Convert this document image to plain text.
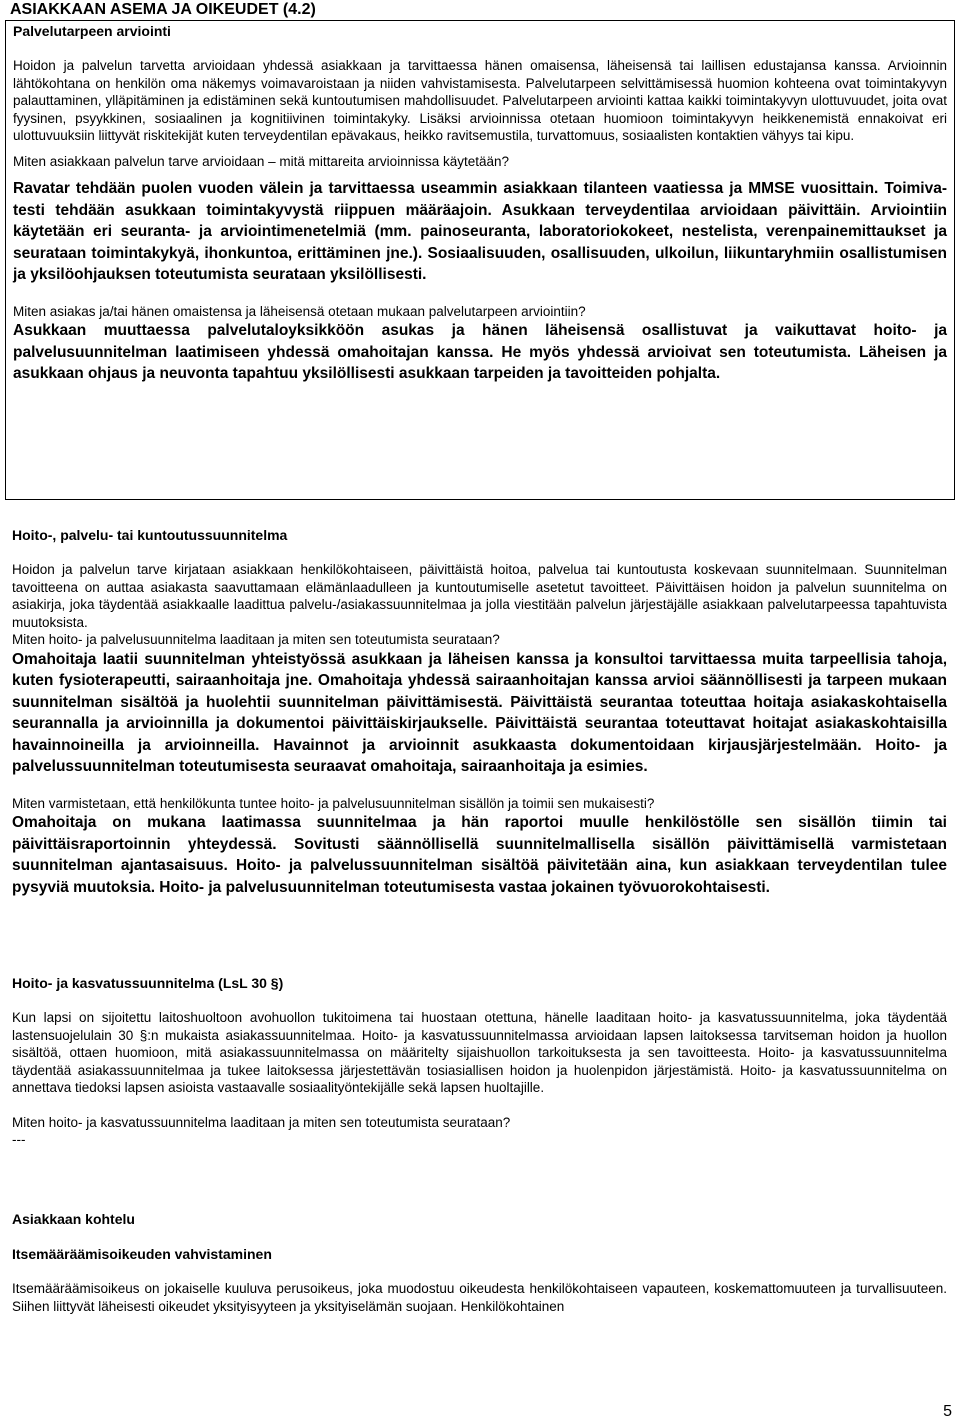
ASIAKKAAN ASEMA JA OIKEUDET (4.2)
Palvelutarpeen arviointi

Hoidon ja palvelun tarvetta arvioidaan yhdessä asiakkaan ja tarvittaessa hänen omaisensa, läheisensä tai laillisen edustajansa kanssa. Arvioinnin lähtökohtana on henkilön oma näkemys voimavaroistaan ja niiden vahvistamisesta. Palvelutarpeen selvittämisessä huomion kohteena ovat toimintakyvyn palauttaminen, ylläpitäminen ja edistäminen sekä kuntoutumisen mahdollisuudet. Palvelutarpeen arviointi kattaa kaikki toimintakyvyn ulottuvuudet, joita ovat fyysinen, psyykkinen, sosiaalinen ja kognitiivinen toimintakyky. Lisäksi arvioinnissa otetaan huomioon toimintakyvyn heikkenemistä ennakoivat eri ulottuvuuksiin liittyvät riskitekijät kuten terveydentilan epävakaus, heikko ravitsemustila, turvattomuus, sosiaalisten kontaktien vähyys tai kipu.

Miten asiakkaan palvelun tarve arvioidaan – mitä mittareita arvioinnissa käytetään?

Ravatar tehdään puolen vuoden välein ja tarvittaessa useammin asiakkaan tilanteen vaatiessa ja MMSE vuosittain. Toimiva-testi tehdään asukkaan toimintakyvystä riippuen määräajoin. Asukkaan terveydentilaa arvioidaan päivittäin. Arviointiin käytetään eri seuranta- ja arviointimenetelmiä (mm. painoseuranta, laboratoriokokeet, nestelista, verenpainemittaukset ja seurataan toimintakykyä, ihonkuntoa, erittäminen jne.). Sosiaalisuuden, osallisuuden, ulkoilun, liikuntaryhmiin osallistumisen ja yksilöohjauksen toteutumista seurataan yksilöllisesti.

Miten asiakas ja/tai hänen omaistensa ja läheisensä otetaan mukaan palvelutarpeen arviointiin?

Asukkaan muuttaessa palvelutaloyksikköön asukas ja hänen läheisensä osallistuvat ja vaikuttavat hoito- ja palvelusuunnitelman laatimiseen yhdessä omahoitajan kanssa. He myös yhdessä arvioivat sen toteutumista. Läheisen ja asukkaan ohjaus ja neuvonta tapahtuu yksilöllisesti asukkaan tarpeiden ja tavoitteiden pohjalta.

Hoito-, palvelu- tai kuntoutussuunnitelma

Hoidon ja palvelun tarve kirjataan asiakkaan henkilökohtaiseen, päivittäistä hoitoa, palvelua tai kuntoutusta koskevaan suunnitelmaan. Suunnitelman tavoitteena on auttaa asiakasta saavuttamaan elämänlaadulleen ja kuntoutumiselle asetetut tavoitteet. Päivittäisen hoidon ja palvelun suunnitelma on asiakirja, joka täydentää asiakkaalle laadittua palvelu-/asiakassuunnitelmaa ja jolla viestitään palvelun järjestäjälle asiakkaan palvelutarpeessa tapahtuvista muutoksista.

Miten hoito- ja palvelusuunnitelma laaditaan ja miten sen toteutumista seurataan?

Omahoitaja laatii suunnitelman yhteistyössä asukkaan ja läheisen kanssa ja konsultoi tarvittaessa muita tarpeellisia tahoja, kuten fysioterapeutti, sairaanhoitaja jne. Omahoitaja yhdessä sairaanhoitajan kanssa arvioi säännöllisesti ja tarpeen mukaan suunnitelman sisältöä ja huolehtii suunnitelman päivittämisestä. Päivittäistä seurantaa toteuttaa hoitaja asiakaskohtaisella seurannalla ja arvioinnilla ja dokumentoi päivittäiskirjaukselle. Päivittäistä seurantaa toteuttavat hoitajat asiakaskohtaisilla havainnoineilla ja arvioinneilla. Havainnot ja arvioinnit asukkaasta dokumentoidaan kirjausjärjestelmään. Hoito- ja palvelussuunnitelman toteutumisesta seuraavat omahoitaja, sairaanhoitaja ja esimies.

Miten varmistetaan, että henkilökunta tuntee hoito- ja palvelusuunnitelman sisällön ja toimii sen mukaisesti?

Omahoitaja on mukana laatimassa suunnitelmaa ja hän raportoi muulle henkilöstölle sen sisällön tiimin tai päivittäisraportoinnin yhteydessä. Sovitusti säännöllisellä suunnitelmallisella sisällön päivittämisellä varmistetaan suunnitelman ajantasaisuus. Hoito- ja palvelussuunnitelman sisältöä päivitetään aina, kun asiakkaan terveydentilan tulee pysyviä muutoksia. Hoito- ja palvelusuunnitelman toteutumisesta vastaa jokainen työvuorokohtaisesti.

Hoito- ja kasvatussuunnitelma (LsL 30 §)

Kun lapsi on sijoitettu laitoshuoltoon avohuollon tukitoimena tai huostaan otettuna, hänelle laaditaan hoito- ja kasvatussuunnitelma, joka täydentää lastensuojelulain 30 §:n mukaista asiakassuunnitelmaa. Hoito- ja kasvatussuunnitelmassa arvioidaan lapsen laitoksessa tarvitseman hoidon ja huollon sisältöä, ottaen huomioon, mitä asiakassuunnitelmassa on määritelty sijaishuollon tarkoituksesta ja sen tavoitteesta. Hoito- ja kasvatussuunnitelma täydentää asiakassuunnitelmaa ja tukee laitoksessa järjestettävän tosiasiallisen hoidon ja huolenpidon järjestämistä. Hoito- ja kasvatussuunnitelma on annettava tiedoksi lapsen asioista vastaavalle sosiaalityöntekijälle sekä lapsen huoltajille.

Miten hoito- ja kasvatussuunnitelma laaditaan ja miten sen toteutumista seurataan?

---

Asiakkaan kohtelu

Itsemääräämisoikeuden vahvistaminen

Itsemääräämisoikeus on jokaiselle kuuluva perusoikeus, joka muodostuu oikeudesta henkilökohtaiseen vapauteen, koskemattomuuteen ja turvallisuuteen. Siihen liittyvät läheisesti oikeudet yksityisyyteen ja yksityiselämän suojaan. Henkilökohtainen

5
